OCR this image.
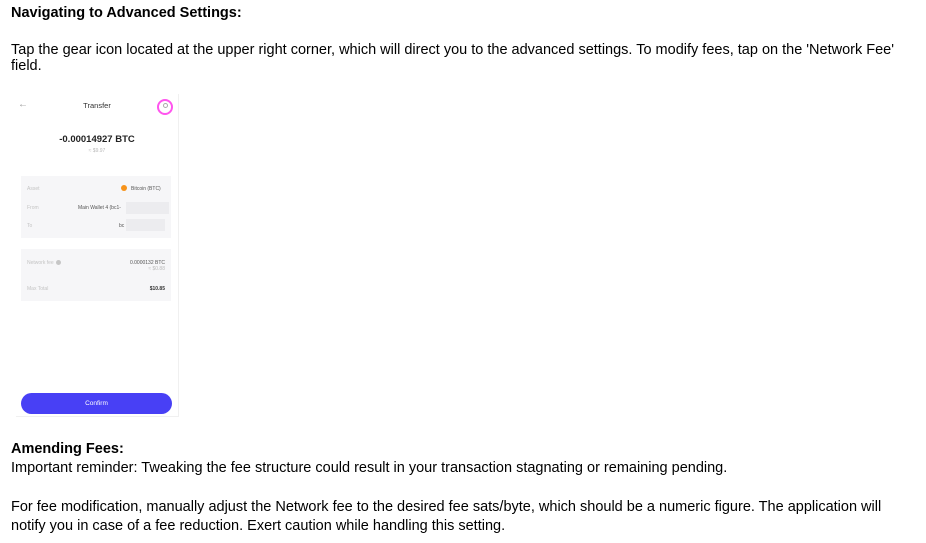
Navigating to Advanced Settings:
Tap the gear icon located at the upper right corner, which will direct you to the advanced settings. To modify fees, tap on the 'Network Fee' field.
←	Transfer
-0.00014927 BTC
≈ $9.97
Asset	Bitcoin (BTC)
From	Main Wallet 4 (bc1-
To	bc
Network fee	0.0000132 BTC
≈ $0.88
Max Total	$10.85
Confirm
Amending Fees:
Important reminder: Tweaking the fee structure could result in your transaction stagnating or remaining pending.
For fee modification, manually adjust the Network fee to the desired fee sats/byte, which should be a numeric figure. The application will notify you in case of a fee reduction. Exert caution while handling this setting.
